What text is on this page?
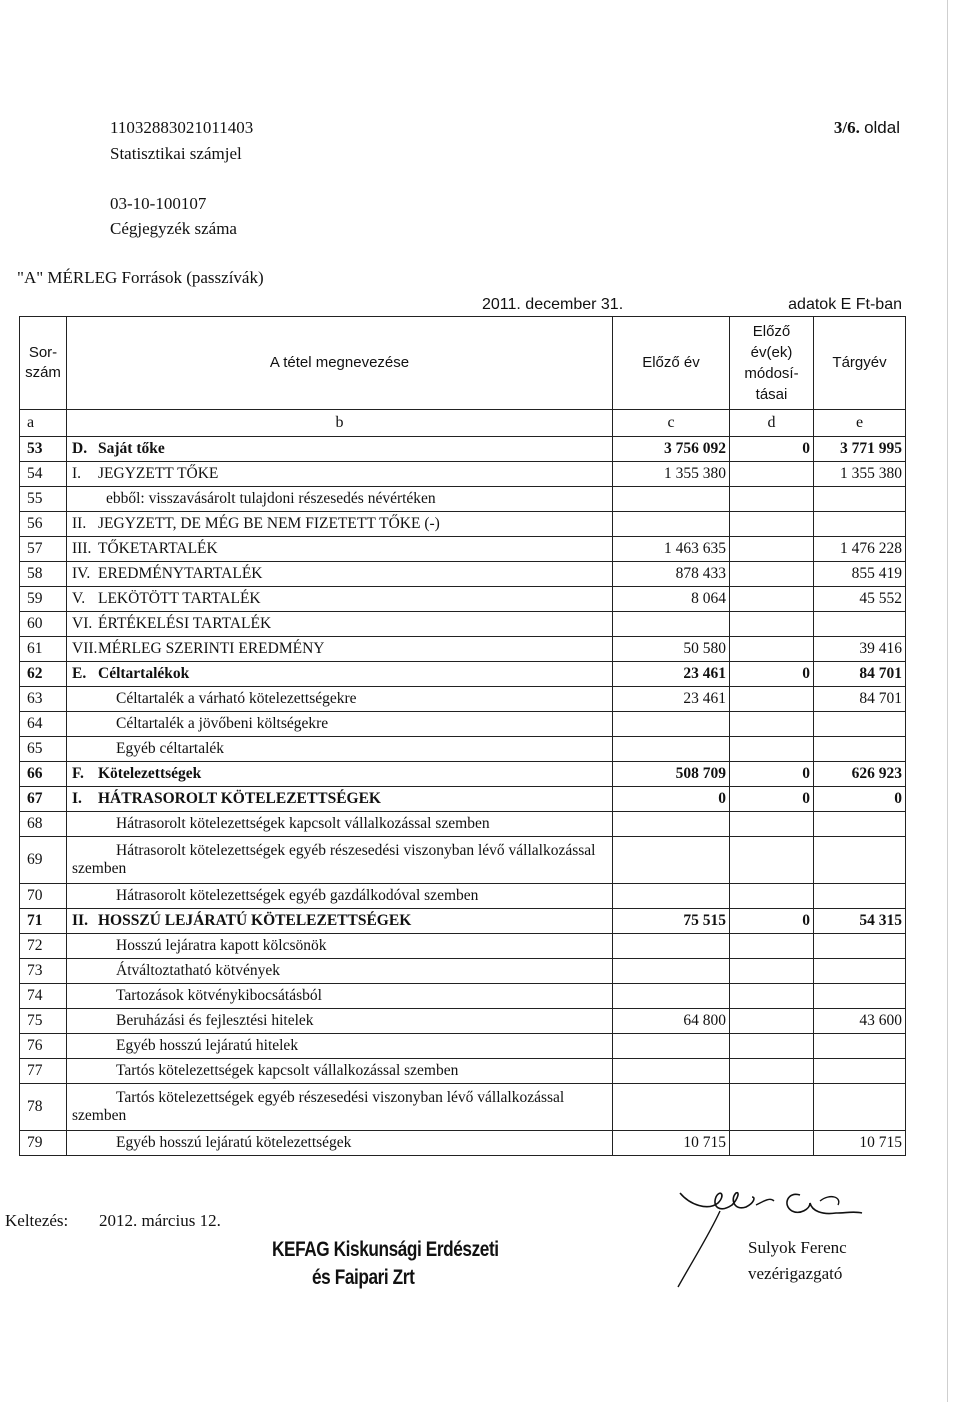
11032883021011403
Statisztikai számjel
3/6. oldal
03-10-100107
Cégjegyzék száma
"A" MÉRLEG Források (passzívák)
2011. december 31.	adatok E Ft-ban
Sor-szám	A tétel megnevezése	Előző év	Előző év(ek) módosí-tásai	Tárgyév
a	b	c	d	e
53	D. Saját tőke	3 756 092	0	3 771 995
54	I. JEGYZETT TŐKE	1 355 380		1 355 380
55	ebből: visszavásárolt tulajdoni részesedés névértéken			
56	II. JEGYZETT, DE MÉG BE NEM FIZETETT TŐKE (-)			
57	III. TŐKETARTALÉK	1 463 635		1 476 228
58	IV. EREDMÉNYTARTALÉK	878 433		855 419
59	V. LEKÖTÖTT TARTALÉK	8 064		45 552
60	VI. ÉRTÉKELÉSI TARTALÉK			
61	VII.MÉRLEG SZERINTI EREDMÉNY	50 580		39 416
62	E. Céltartalékok	23 461	0	84 701
63	Céltartalék a várható kötelezettségekre	23 461		84 701
64	Céltartalék a jövőbeni költségekre			
65	Egyéb céltartalék			
66	F. Kötelezettségek	508 709	0	626 923
67	I. HÁTRASOROLT KÖTELEZETTSÉGEK	0	0	0
68	Hátrasorolt kötelezettségek kapcsolt vállalkozással szemben			
69	Hátrasorolt kötelezettségek egyéb részesedési viszonyban lévő vállalkozással szemben			
70	Hátrasorolt kötelezettségek egyéb gazdálkodóval szemben			
71	II. HOSSZÚ LEJÁRATÚ KÖTELEZETTSÉGEK	75 515	0	54 315
72	Hosszú lejáratra kapott kölcsönök			
73	Átváltoztatható kötvények			
74	Tartozások kötvénykibocsátásból			
75	Beruházási és fejlesztési hitelek	64 800		43 600
76	Egyéb hosszú lejáratú hitelek			
77	Tartós kötelezettségek kapcsolt vállalkozással szemben			
78	Tartós kötelezettségek egyéb részesedési viszonyban lévő vállalkozással szemben			
79	Egyéb hosszú lejáratú kötelezettségek	10 715		10 715
Keltezés: 2012. március 12.
KEFAG Kiskunsági Erdészeti
és Faipari Zrt
Sulyok Ferenc
vezérigazgató
